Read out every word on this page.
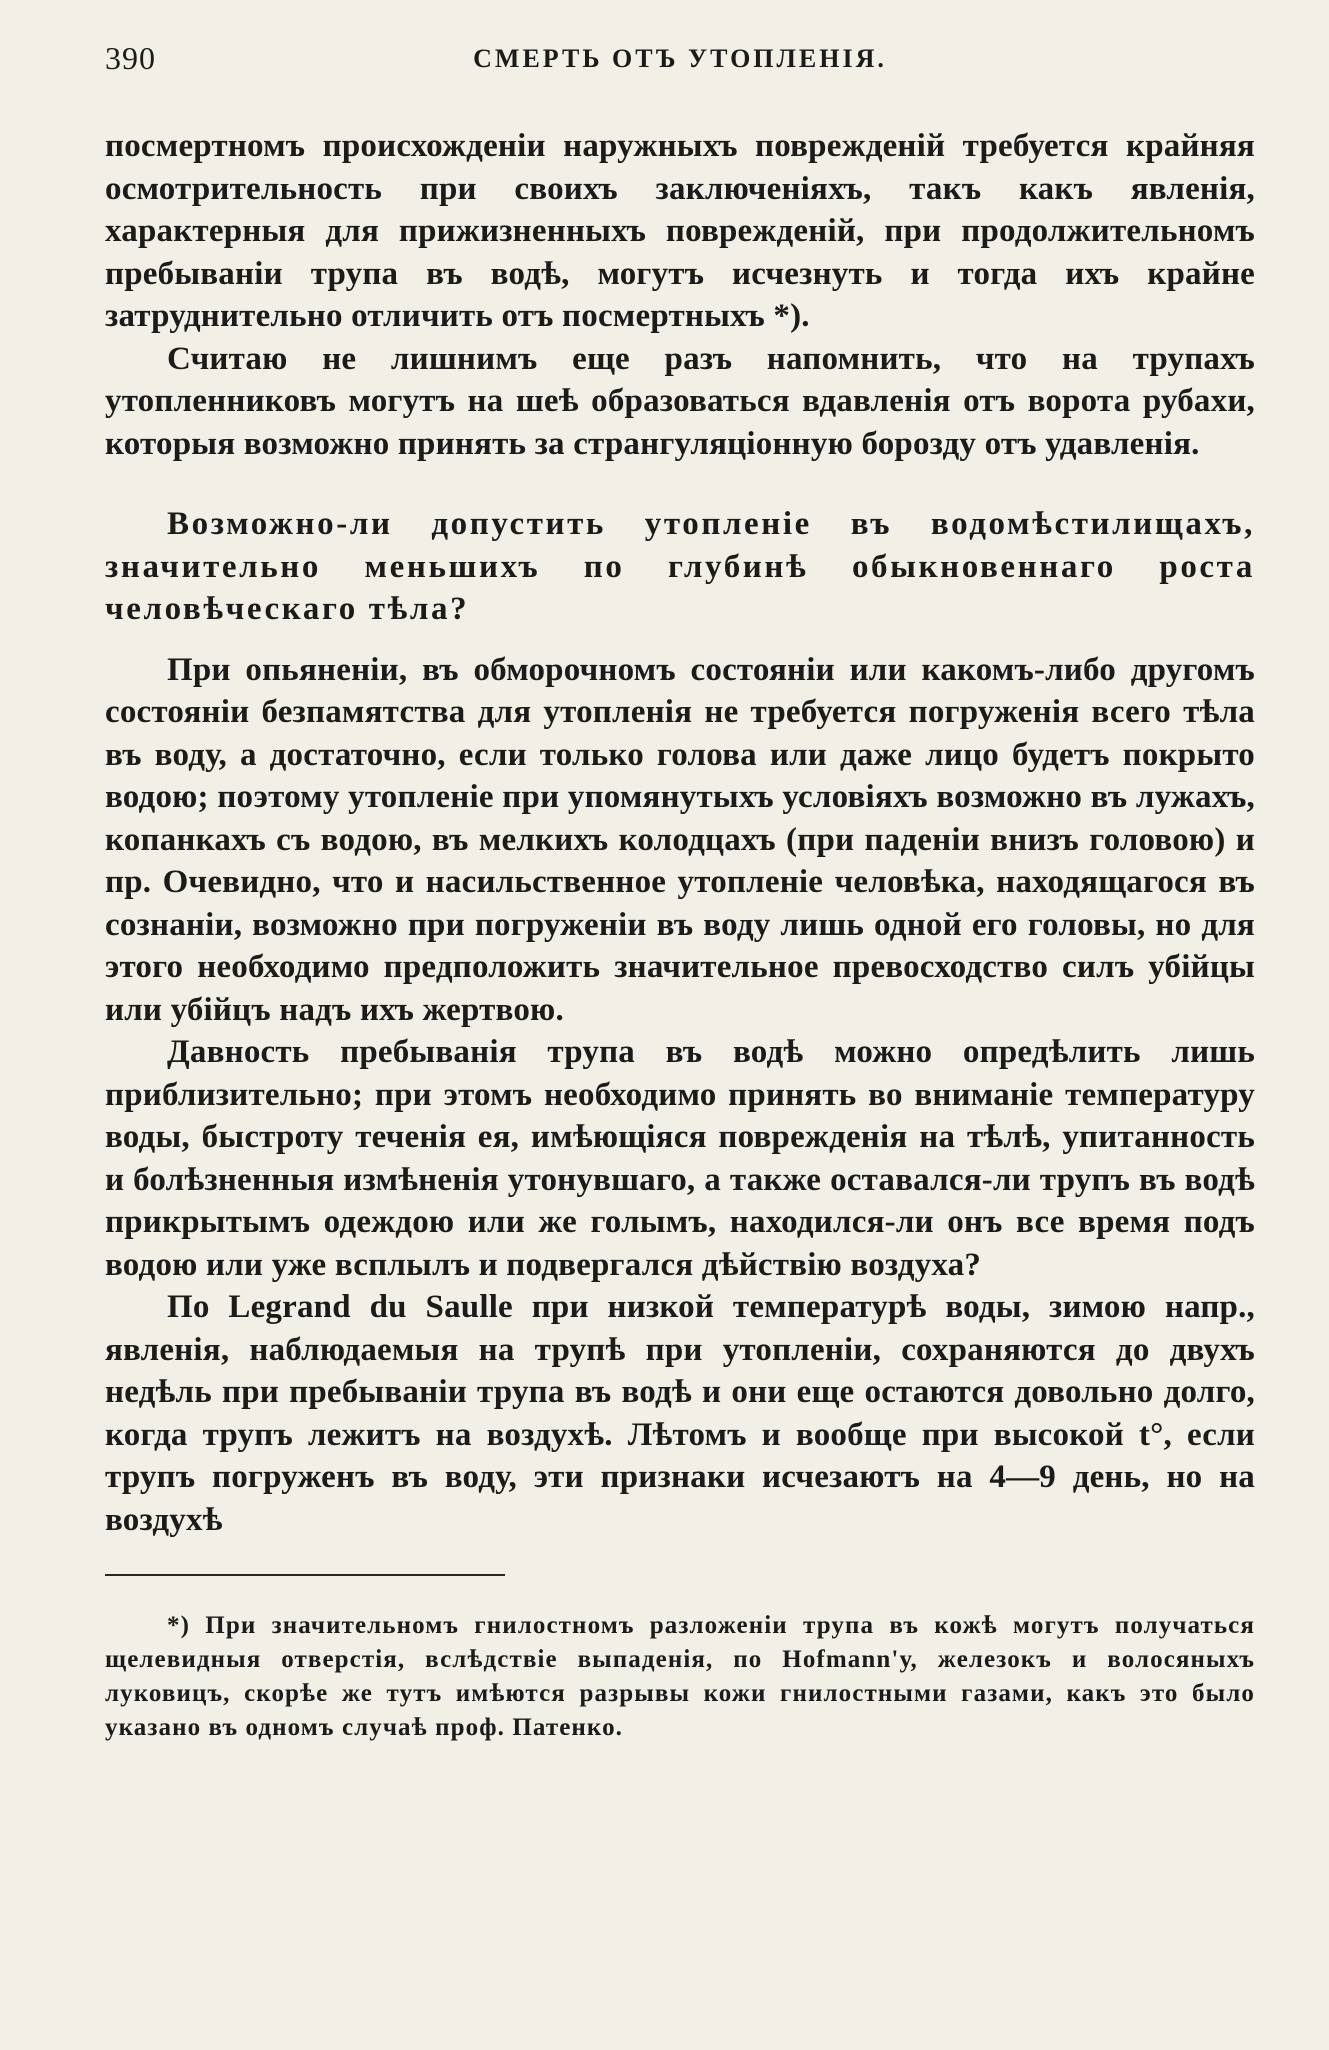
390	СМЕРТЬ ОТЪ УТОПЛЕНІЯ.

посмертномъ происхожденіи наружныхъ поврежденій требуется крайняя осмотрительность при своихъ заключеніяхъ, такъ какъ явленія, характерныя для прижизненныхъ поврежденій, при продолжительномъ пребываніи трупа въ водѣ, могутъ исчезнуть и тогда ихъ крайне затруднительно отличить отъ посмертныхъ *).

Считаю не лишнимъ еще разъ напомнить, что на трупахъ утопленниковъ могутъ на шеѣ образоваться вдавленія отъ ворота рубахи, которыя возможно принять за странгуляціонную борозду отъ удавленія.

Возможно-ли допустить утопленіе въ водомѣстилищахъ, значительно меньшихъ по глубинѣ обыкновеннаго роста человѣческаго тѣла?

При опьяненіи, въ обморочномъ состояніи или какомъ-либо другомъ состояніи безпамятства для утопленія не требуется погруженія всего тѣла въ воду, а достаточно, если только голова или даже лицо будетъ покрыто водою; поэтому утопленіе при упомянутыхъ условіяхъ возможно въ лужахъ, копанкахъ съ водою, въ мелкихъ колодцахъ (при паденіи внизъ головою) и пр. Очевидно, что и насильственное утопленіе человѣка, находящагося въ сознаніи, возможно при погруженіи въ воду лишь одной его головы, но для этого необходимо предположить значительное превосходство силъ убійцы или убійцъ надъ ихъ жертвою.

Давность пребыванія трупа въ водѣ можно опредѣлить лишь приблизительно; при этомъ необходимо принять во вниманіе температуру воды, быстроту теченія ея, имѣющіяся поврежденія на тѣлѣ, упитанность и болѣзненныя измѣненія утонувшаго, а также оставался-ли трупъ въ водѣ прикрытымъ одеждою или же голымъ, находился-ли онъ все время подъ водою или уже всплылъ и подвергался дѣйствію воздуха?

По Legrand du Saulle при низкой температурѣ воды, зимою напр., явленія, наблюдаемыя на трупѣ при утопленіи, сохраняются до двухъ недѣль при пребываніи трупа въ водѣ и они еще остаются довольно долго, когда трупъ лежитъ на воздухѣ. Лѣтомъ и вообще при высокой t°, если трупъ погруженъ въ воду, эти признаки исчезаютъ на 4—9 день, но на воздухѣ

*) При значительномъ гнилостномъ разложеніи трупа въ кожѣ могутъ получаться щелевидныя отверстія, вслѣдствіе выпаденія, по Hofmann'у, железокъ и волосяныхъ луковицъ, скорѣе же тутъ имѣются разрывы кожи гнилостными газами, какъ это было указано въ одномъ случаѣ проф. Патенко.
